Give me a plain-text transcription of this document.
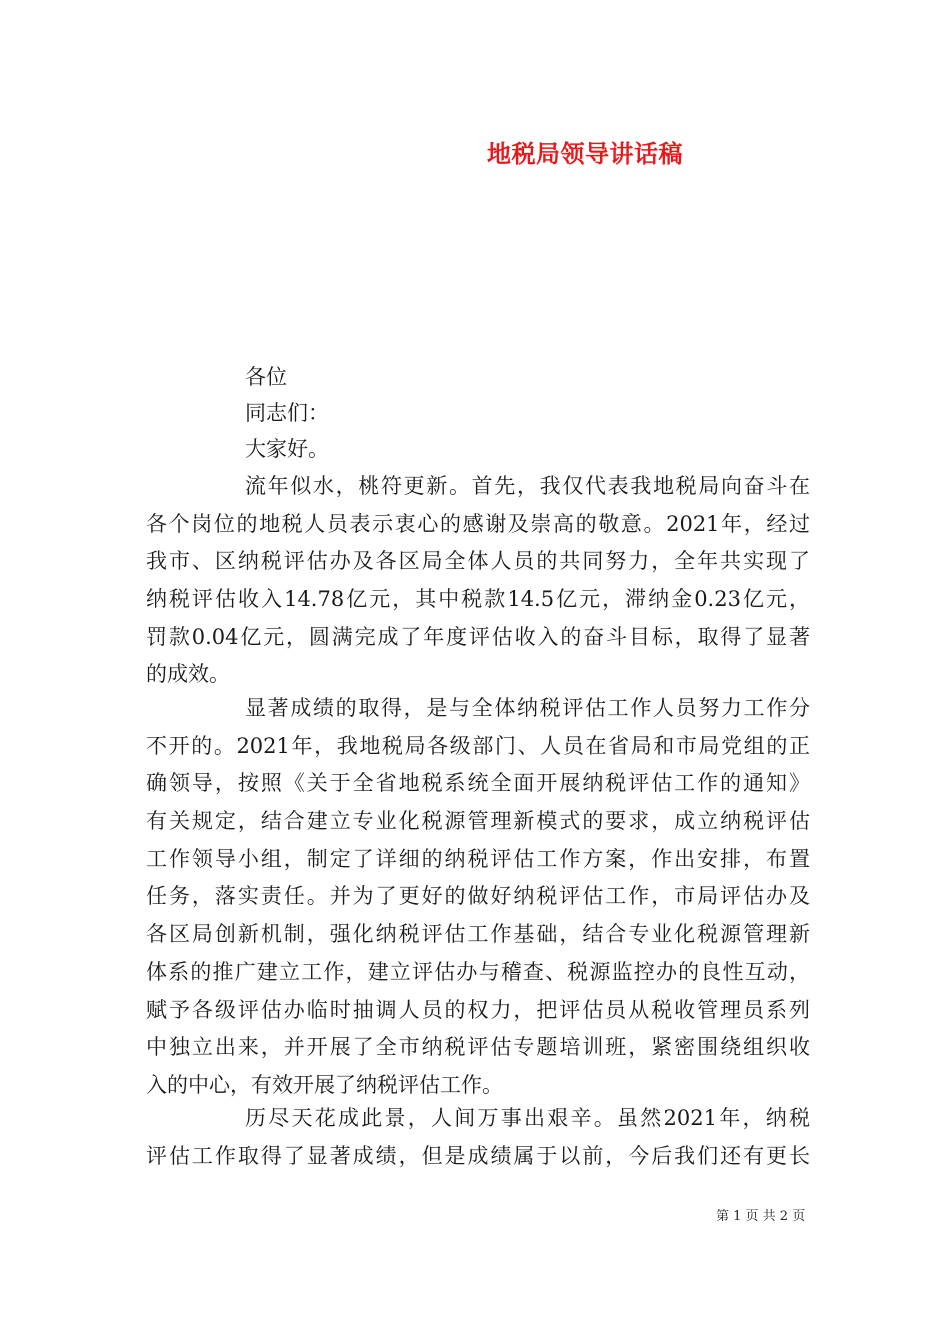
地税局领导讲话稿
各位
同志们：
大家好。
流年似水，桃符更新。首先，我仅代表我地税局向奋斗在
各个岗位的地税人员表示衷心的感谢及崇高的敬意。2021年，经过
我市、区纳税评估办及各区局全体人员的共同努力，全年共实现了
纳税评估收入14.78亿元，其中税款14.5亿元，滞纳金0.23亿元，
罚款0.04亿元，圆满完成了年度评估收入的奋斗目标，取得了显著
的成效。
显著成绩的取得，是与全体纳税评估工作人员努力工作分
不开的。2021年，我地税局各级部门、人员在省局和市局党组的正
确领导，按照《关于全省地税系统全面开展纳税评估工作的通知》
有关规定，结合建立专业化税源管理新模式的要求，成立纳税评估
工作领导小组，制定了详细的纳税评估工作方案，作出安排，布置
任务，落实责任。并为了更好的做好纳税评估工作，市局评估办及
各区局创新机制，强化纳税评估工作基础，结合专业化税源管理新
体系的推广建立工作，建立评估办与稽查、税源监控办的良性互动，
赋予各级评估办临时抽调人员的权力，把评估员从税收管理员系列
中独立出来，并开展了全市纳税评估专题培训班，紧密围绕组织收
入的中心，有效开展了纳税评估工作。
历尽天花成此景，人间万事出艰辛。虽然2021年，纳税
评估工作取得了显著成绩，但是成绩属于以前，今后我们还有更长
第 1 页 共 2 页
